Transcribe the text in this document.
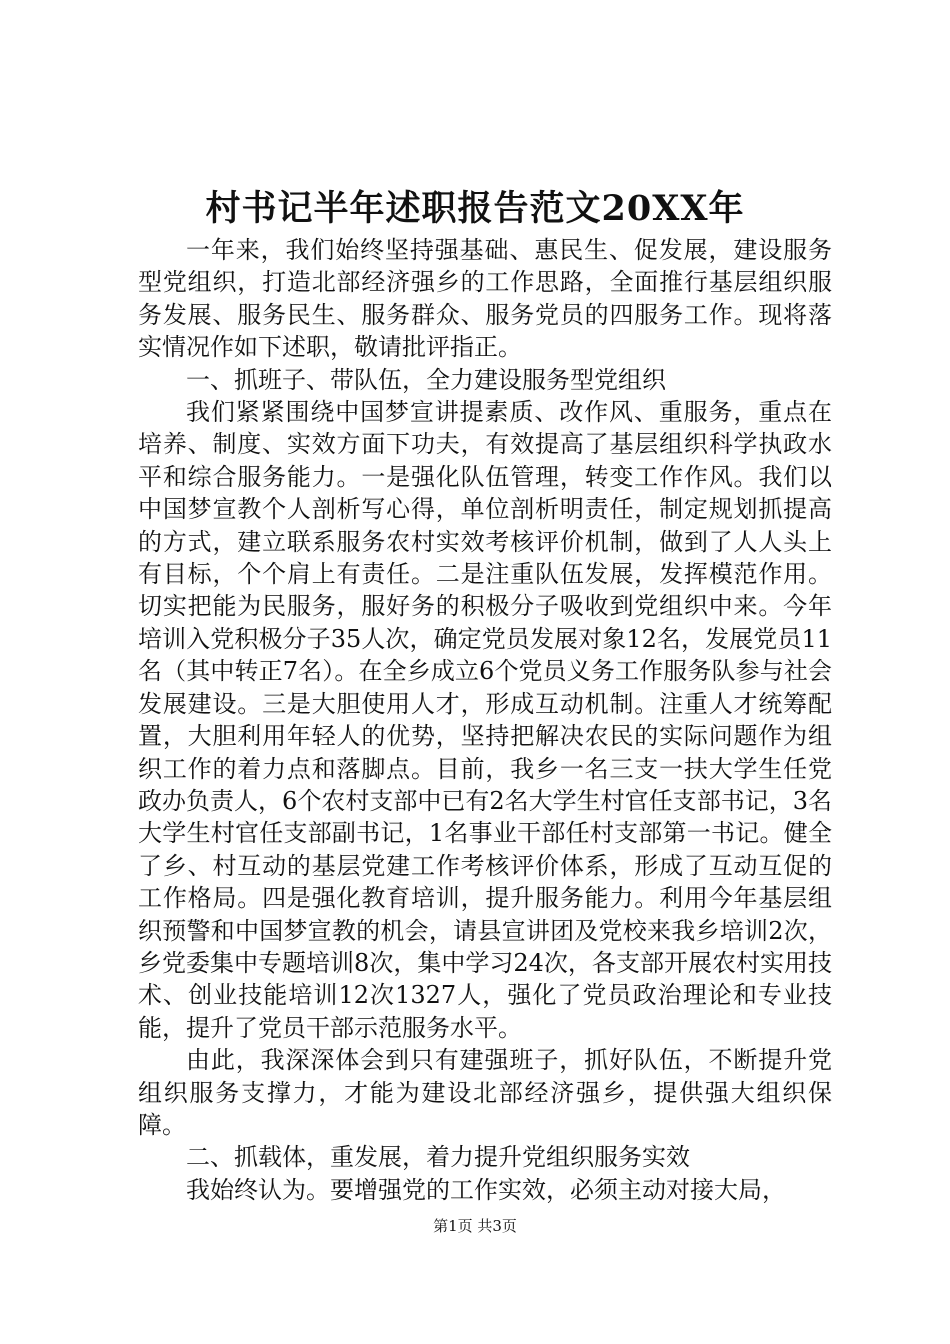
村书记半年述职报告范文20XX年

一年来，我们始终坚持强基础、惠民生、促发展，建设服务型党组织，打造北部经济强乡的工作思路，全面推行基层组织服务发展、服务民生、服务群众、服务党员的四服务工作。现将落实情况作如下述职，敬请批评指正。

一、抓班子、带队伍，全力建设服务型党组织

我们紧紧围绕中国梦宣讲提素质、改作风、重服务，重点在培养、制度、实效方面下功夫，有效提高了基层组织科学执政水平和综合服务能力。一是强化队伍管理，转变工作作风。我们以中国梦宣教个人剖析写心得，单位剖析明责任，制定规划抓提高的方式，建立联系服务农村实效考核评价机制，做到了人人头上有目标，个个肩上有责任。二是注重队伍发展，发挥模范作用。切实把能为民服务，服好务的积极分子吸收到党组织中来。今年培训入党积极分子35人次，确定党员发展对象12名，发展党员11名（其中转正7名）。在全乡成立6个党员义务工作服务队参与社会发展建设。三是大胆使用人才，形成互动机制。注重人才统筹配置，大胆利用年轻人的优势，坚持把解决农民的实际问题作为组织工作的着力点和落脚点。目前，我乡一名三支一扶大学生任党政办负责人，6个农村支部中已有2名大学生村官任支部书记，3名大学生村官任支部副书记，1名事业干部任村支部第一书记。健全了乡、村互动的基层党建工作考核评价体系，形成了互动互促的工作格局。四是强化教育培训，提升服务能力。利用今年基层组织预警和中国梦宣教的机会，请县宣讲团及党校来我乡培训2次，乡党委集中专题培训8次，集中学习24次，各支部开展农村实用技术、创业技能培训12次1327人，强化了党员政治理论和专业技能，提升了党员干部示范服务水平。

由此，我深深体会到只有建强班子，抓好队伍，不断提升党组织服务支撑力，才能为建设北部经济强乡，提供强大组织保障。

二、抓载体，重发展，着力提升党组织服务实效

我始终认为。要增强党的工作实效，必须主动对接大局，

第1页 共3页
